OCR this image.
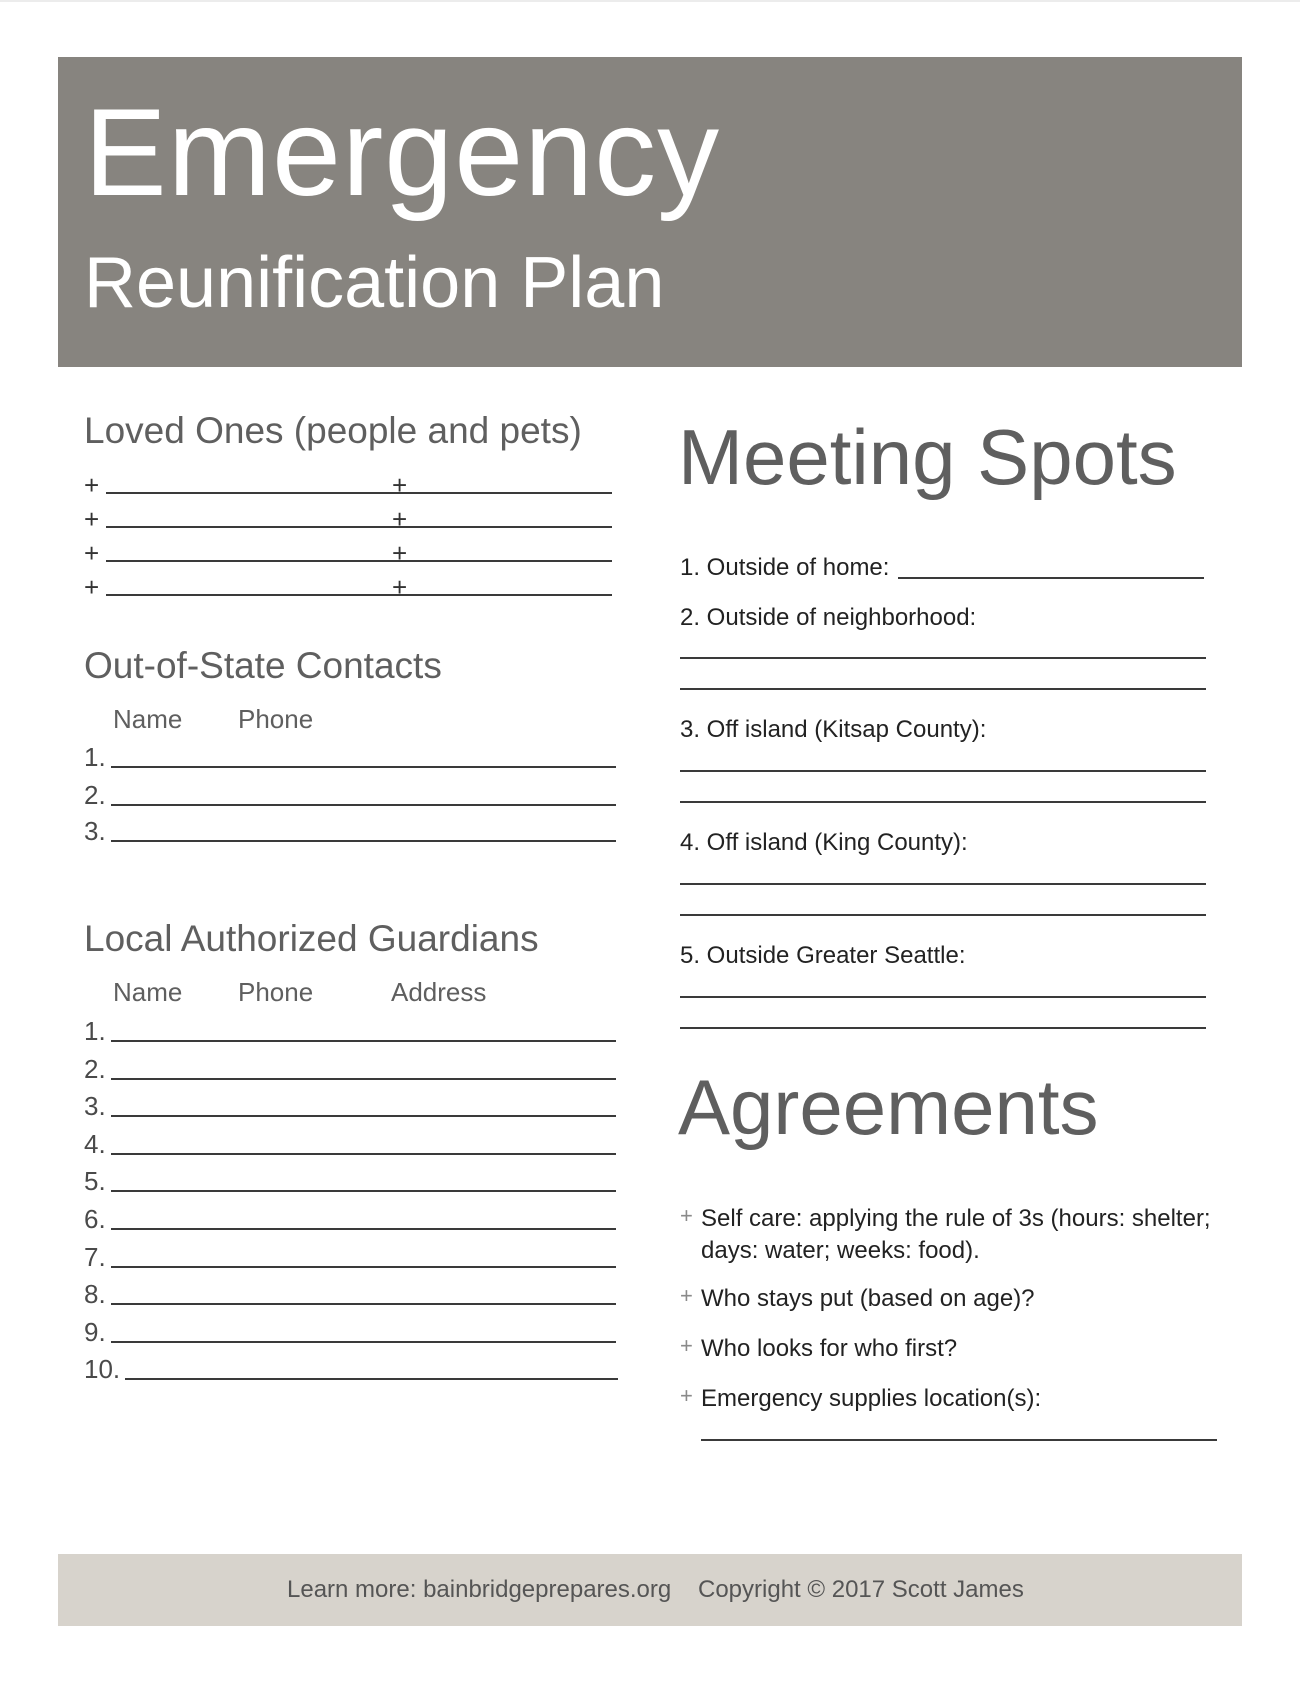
Emergency
Reunification Plan
Loved Ones (people and pets)
+	+
+	+
+	+
+	+
Out-of-State Contacts
Name Phone
1.
2.
3.
Local Authorized Guardians
Name Phone	Address
1.
2.
3.
4.
5.
6.
7.
8.
9.
10.
Meeting Spots
1. Outside of home:
2. Outside of neighborhood:
3. Off island (Kitsap County):
4. Off island (King County):
5. Outside Greater Seattle:
Agreements
+ Self care: applying the rule of 3s (hours: shelter; days: water; weeks: food).
+ Who stays put (based on age)?
+ Who looks for who first?
+ Emergency supplies location(s):
Learn more: bainbridgeprepares.org Copyright © 2017 Scott James
